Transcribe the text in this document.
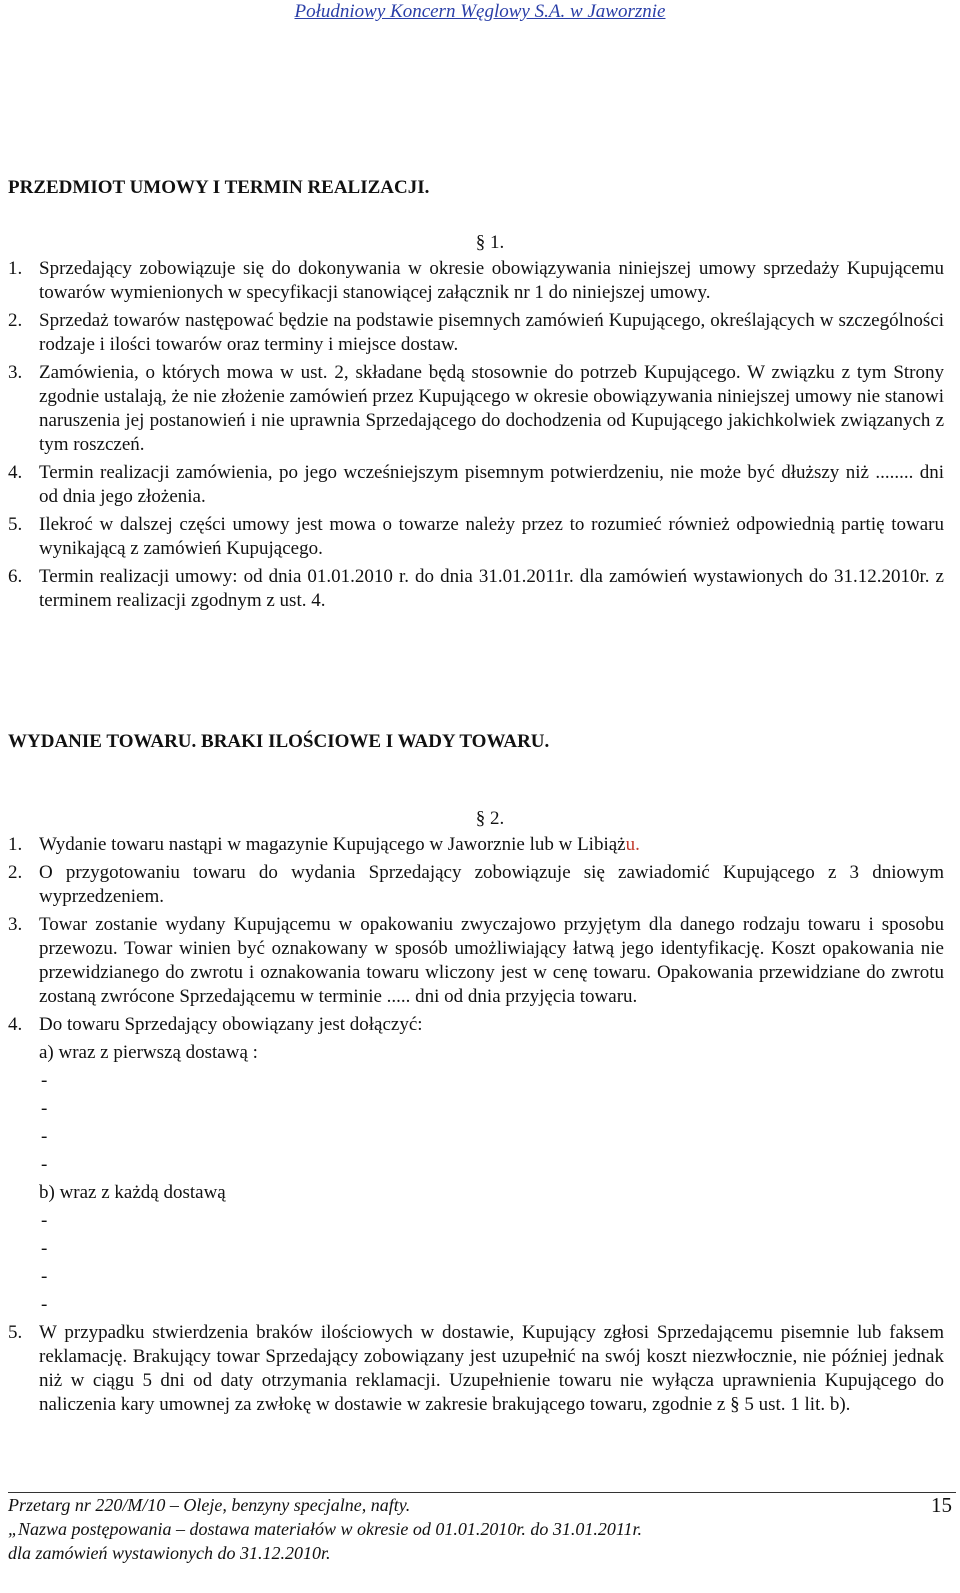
Południowy Koncern Węglowy S.A. w Jaworznie
PRZEDMIOT UMOWY I TERMIN REALIZACJI.
§ 1.
1. Sprzedający zobowiązuje się do dokonywania w okresie obowiązywania niniejszej umowy sprzedaży Kupującemu towarów wymienionych w specyfikacji stanowiącej załącznik nr 1 do niniejszej umowy.
2. Sprzedaż towarów następować będzie na podstawie pisemnych zamówień Kupującego, określających w szczególności rodzaje i ilości towarów oraz terminy i miejsce dostaw.
3. Zamówienia, o których mowa w ust. 2, składane będą stosownie do potrzeb Kupującego. W związku z tym Strony zgodnie ustalają, że nie złożenie zamówień przez Kupującego w okresie obowiązywania niniejszej umowy nie stanowi naruszenia jej postanowień i nie uprawnia Sprzedającego do dochodzenia od Kupującego jakichkolwiek związanych z tym roszczeń.
4. Termin realizacji zamówienia, po jego wcześniejszym pisemnym potwierdzeniu, nie może być dłuższy niż ........ dni od dnia jego złożenia.
5. Ilekroć w dalszej części umowy jest mowa o towarze należy przez to rozumieć również odpowiednią partię towaru wynikającą z zamówień Kupującego.
6. Termin realizacji umowy: od dnia 01.01.2010 r. do dnia 31.01.2011r. dla zamówień wystawionych do 31.12.2010r. z terminem realizacji zgodnym z ust. 4.
WYDANIE TOWARU. BRAKI ILOŚCIOWE I WADY TOWARU.
§ 2.
1. Wydanie towaru nastąpi w magazynie Kupującego w Jaworznie lub w Libiążu.
2. O przygotowaniu towaru do wydania Sprzedający zobowiązuje się zawiadomić Kupującego z 3 dniowym wyprzedzeniem.
3. Towar zostanie wydany Kupującemu w opakowaniu zwyczajowo przyjętym dla danego rodzaju towaru i sposobu przewozu. Towar winien być oznakowany w sposób umożliwiający łatwą jego identyfikację. Koszt opakowania nie przewidzianego do zwrotu i oznakowania towaru wliczony jest w cenę towaru. Opakowania przewidziane do zwrotu zostaną zwrócone Sprzedającemu w terminie ..... dni od dnia przyjęcia towaru.
4. Do towaru Sprzedający obowiązany jest dołączyć:
a) wraz z pierwszą dostawą :
-
-
-
-
b) wraz z każdą dostawą
-
-
-
-
5. W przypadku stwierdzenia braków ilościowych w dostawie, Kupujący zgłosi Sprzedającemu pisemnie lub faksem reklamację. Brakujący towar Sprzedający zobowiązany jest uzupełnić na swój koszt niezwłocznie, nie później jednak niż w ciągu 5 dni od daty otrzymania reklamacji. Uzupełnienie towaru nie wyłącza uprawnienia Kupującego do naliczenia kary umownej za zwłokę w dostawie w zakresie brakującego towaru, zgodnie z § 5 ust. 1 lit. b).
Przetarg nr 220/M/10 – Oleje, benzyny specjalne, nafty.
„Nazwa postępowania – dostawa materiałów w okresie od 01.01.2010r. do 31.01.2011r.
dla zamówień wystawionych do 31.12.2010r.
15
